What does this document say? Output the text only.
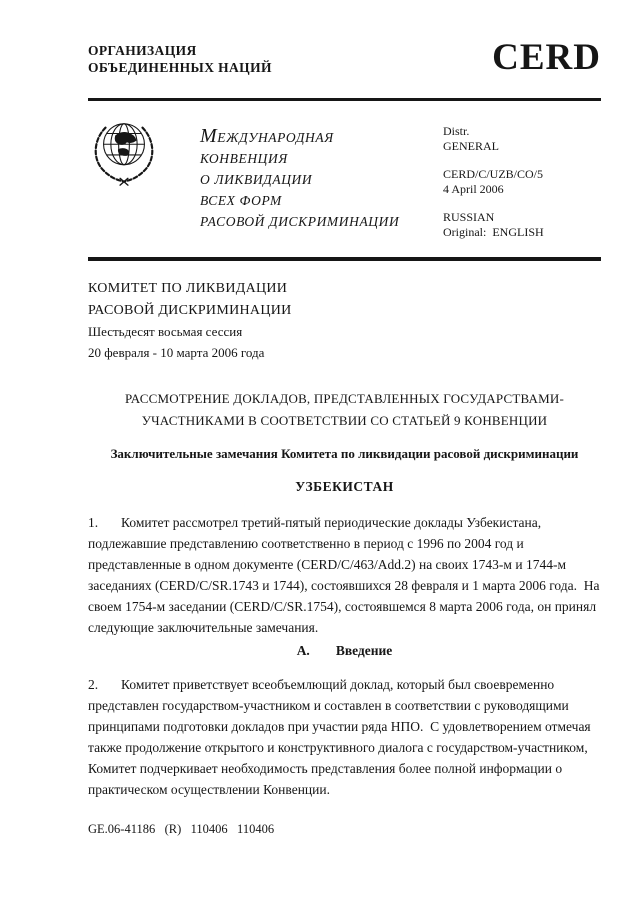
ОРГАНИЗАЦИЯ
ОБЪЕДИНЕННЫХ НАЦИЙ	CERD
МЕЖДУНАРОДНАЯ
КОНВЕНЦИЯ
О ЛИКВИДАЦИИ
ВСЕХ ФОРМ
РАСОВОЙ ДИСКРИМИНАЦИИ
Distr.
GENERAL
CERD/C/UZB/CO/5
4 April 2006
RUSSIAN
Original:  ENGLISH
КОМИТЕТ ПО ЛИКВИДАЦИИ
РАСОВОЙ ДИСКРИМИНАЦИИ
Шестьдесят восьмая сессия
20 февраля - 10 марта 2006 года
РАССМОТРЕНИЕ ДОКЛАДОВ, ПРЕДСТАВЛЕННЫХ ГОСУДАРСТВАМИ-
УЧАСТНИКАМИ В СООТВЕТСТВИИ СО СТАТЬЕЙ 9 КОНВЕНЦИИ
Заключительные замечания Комитета по ликвидации расовой дискриминации
УЗБЕКИСТАН

1. Комитет рассмотрел третий-пятый периодические доклады Узбекистана, подлежавшие представлению соответственно в период с 1996 по 2004 год и представленные в одном документе (CERD/C/463/Add.2) на своих 1743-м и 1744-м заседаниях (CERD/C/SR.1743 и 1744), состоявшихся 28 февраля и 1 марта 2006 года.  На своем 1754-м заседании (CERD/C/SR.1754), состоявшемся 8 марта 2006 года, он принял следующие заключительные замечания.

A. Введение

2. Комитет приветствует всеобъемлющий доклад, который был своевременно представлен государством-участником и составлен в соответствии с руководящими принципами подготовки докладов при участии ряда НПО.  С удовлетворением отмечая также продолжение открытого и конструктивного диалога с государством-участником, Комитет подчеркивает необходимость представления более полной информации о практическом осуществлении Конвенции.

GE.06-41186   (R)   110406   110406
